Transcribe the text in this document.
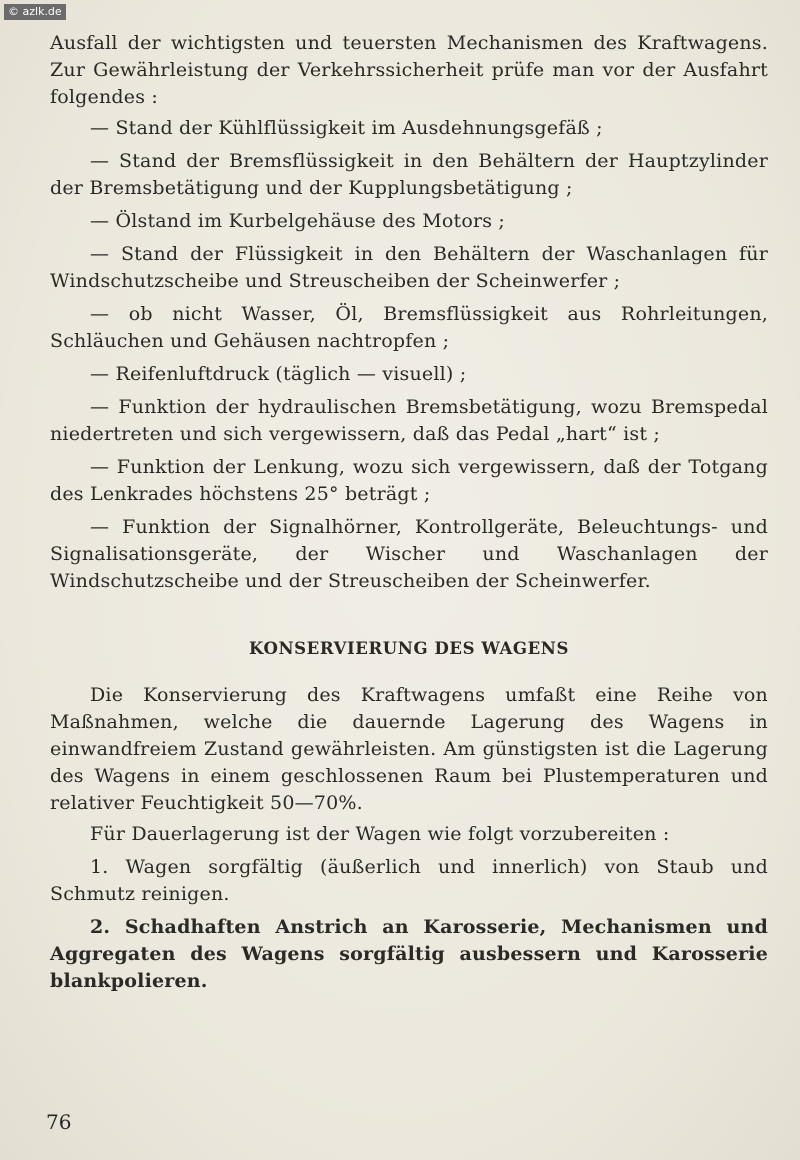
© azlk.de

Ausfall der wichtigsten und teuersten Mechanismen des Kraftwagens. Zur Gewährleistung der Verkehrssicherheit prüfe man vor der Ausfahrt folgendes :

— Stand der Kühlflüssigkeit im Ausdehnungsgefäß ;

— Stand der Bremsflüssigkeit in den Behältern der Hauptzylinder der Bremsbetätigung und der Kupplungsbetätigung ;

— Ölstand im Kurbelgehäuse des Motors ;

— Stand der Flüssigkeit in den Behältern der Waschanlagen für Windschutzscheibe und Streuscheiben der Scheinwerfer ;

— ob nicht Wasser, Öl, Bremsflüssigkeit aus Rohrleitungen, Schläuchen und Gehäusen nachtropfen ;

— Reifenluftdruck (täglich — visuell) ;

— Funktion der hydraulischen Bremsbetätigung, wozu Bremspedal niedertreten und sich vergewissern, daß das Pedal „hart“ ist ;

— Funktion der Lenkung, wozu sich vergewissern, daß der Totgang des Lenkrades höchstens 25° beträgt ;

— Funktion der Signalhörner, Kontrollgeräte, Beleuchtungs- und Signalisationsgeräte, der Wischer und Waschanlagen der Windschutzscheibe und der Streuscheiben der Scheinwerfer.

KONSERVIERUNG DES WAGENS

Die Konservierung des Kraftwagens umfaßt eine Reihe von Maßnahmen, welche die dauernde Lagerung des Wagens in einwandfreiem Zustand gewährleisten. Am günstigsten ist die Lagerung des Wagens in einem geschlossenen Raum bei Plustemperaturen und relativer Feuchtigkeit 50—70%.

Für Dauerlagerung ist der Wagen wie folgt vorzubereiten :

1. Wagen sorgfältig (äußerlich und innerlich) von Staub und Schmutz reinigen.

2. Schadhaften Anstrich an Karosserie, Mechanismen und Aggregaten des Wagens sorgfältig ausbessern und Karosserie blankpolieren.

76
